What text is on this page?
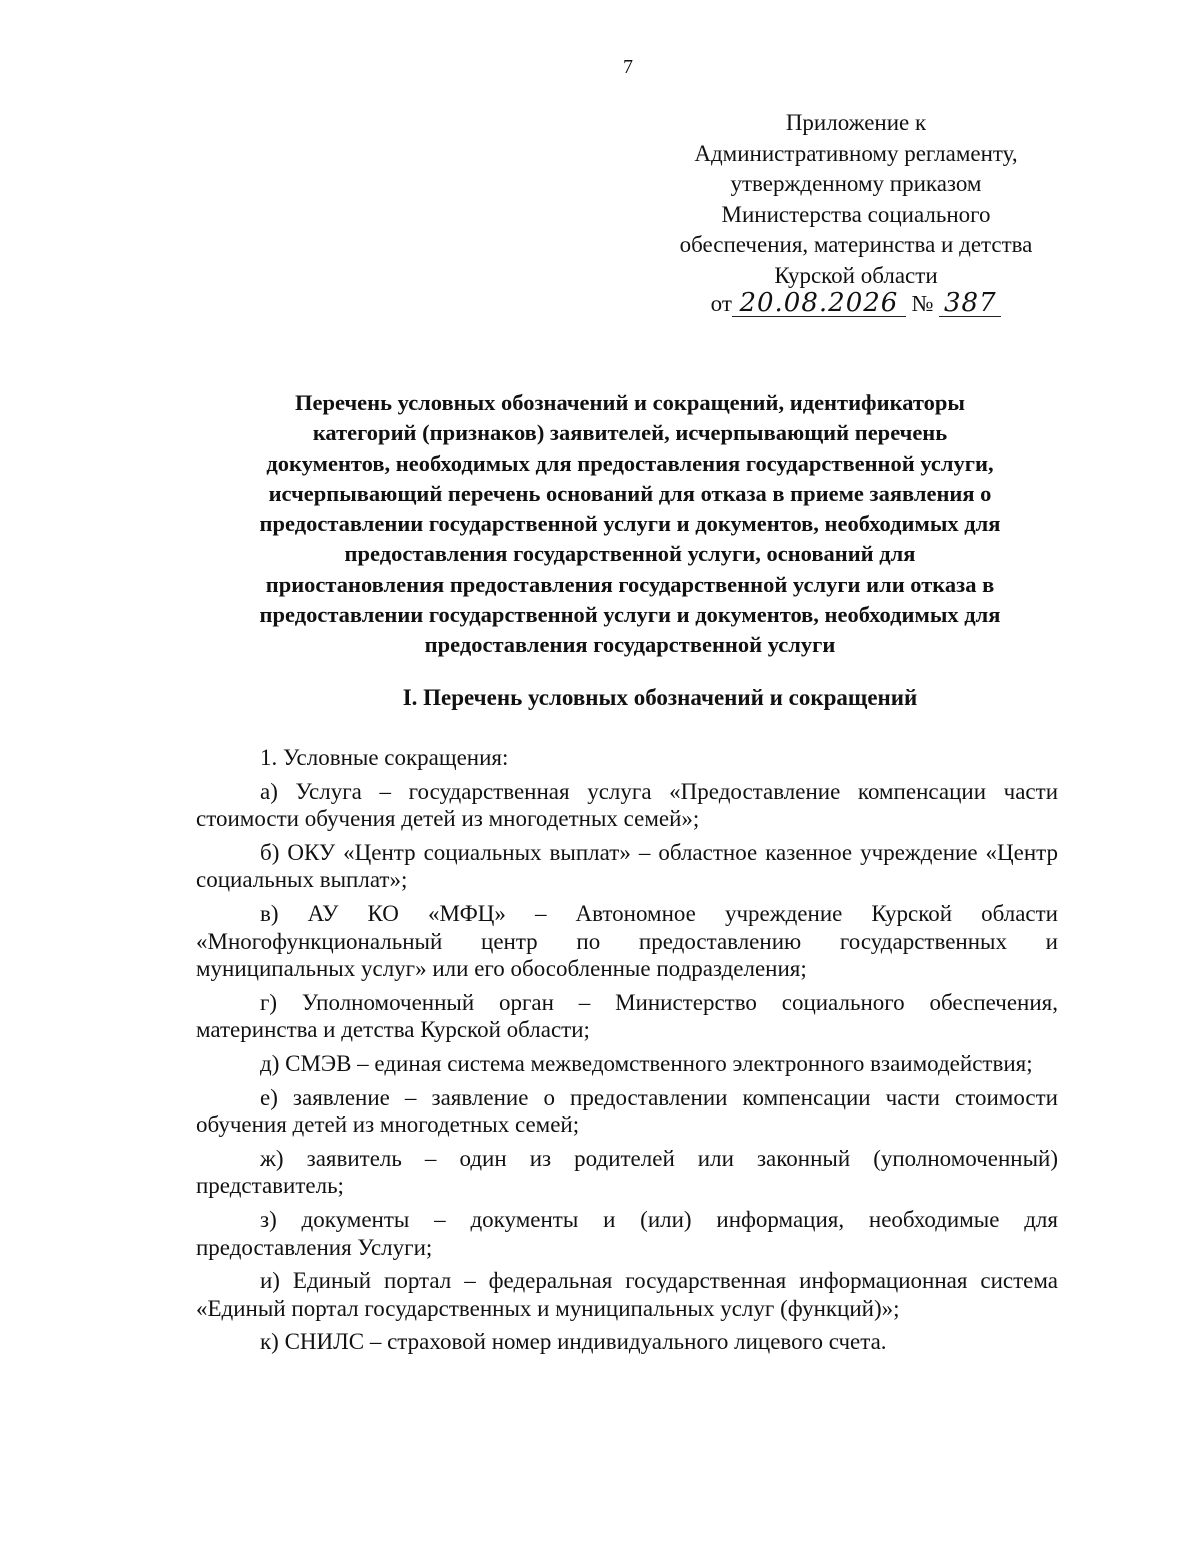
7
Приложение к
Административному регламенту,
утвержденному приказом
Министерства социального
обеспечения, материнства и детства
Курской области
от 20.08.2026 № 387
Перечень условных обозначений и сокращений, идентификаторы
категорий (признаков) заявителей, исчерпывающий перечень
документов, необходимых для предоставления государственной услуги,
исчерпывающий перечень оснований для отказа в приеме заявления о
предоставлении государственной услуги и документов, необходимых для
предоставления государственной услуги, оснований для
приостановления предоставления государственной услуги или отказа в
предоставлении государственной услуги и документов, необходимых для
предоставления государственной услуги
I. Перечень условных обозначений и сокращений

1. Условные сокращения:

а) Услуга – государственная услуга «Предоставление компенсации части стоимости обучения детей из многодетных семей»;

б) ОКУ «Центр социальных выплат» – областное казенное учреждение «Центр социальных выплат»;

в) АУ КО «МФЦ» – Автономное учреждение Курской области «Многофункциональный центр по предоставлению государственных и муниципальных услуг» или его обособленные подразделения;

г) Уполномоченный орган – Министерство социального обеспечения, материнства и детства Курской области;

д) СМЭВ – единая система межведомственного электронного взаимодействия;

е) заявление – заявление о предоставлении компенсации части стоимости обучения детей из многодетных семей;

ж) заявитель – один из родителей или законный (уполномоченный) представитель;

з) документы – документы и (или) информация, необходимые для предоставления Услуги;

и) Единый портал – федеральная государственная информационная система «Единый портал государственных и муниципальных услуг (функций)»;

к) СНИЛС – страховой номер индивидуального лицевого счета.
